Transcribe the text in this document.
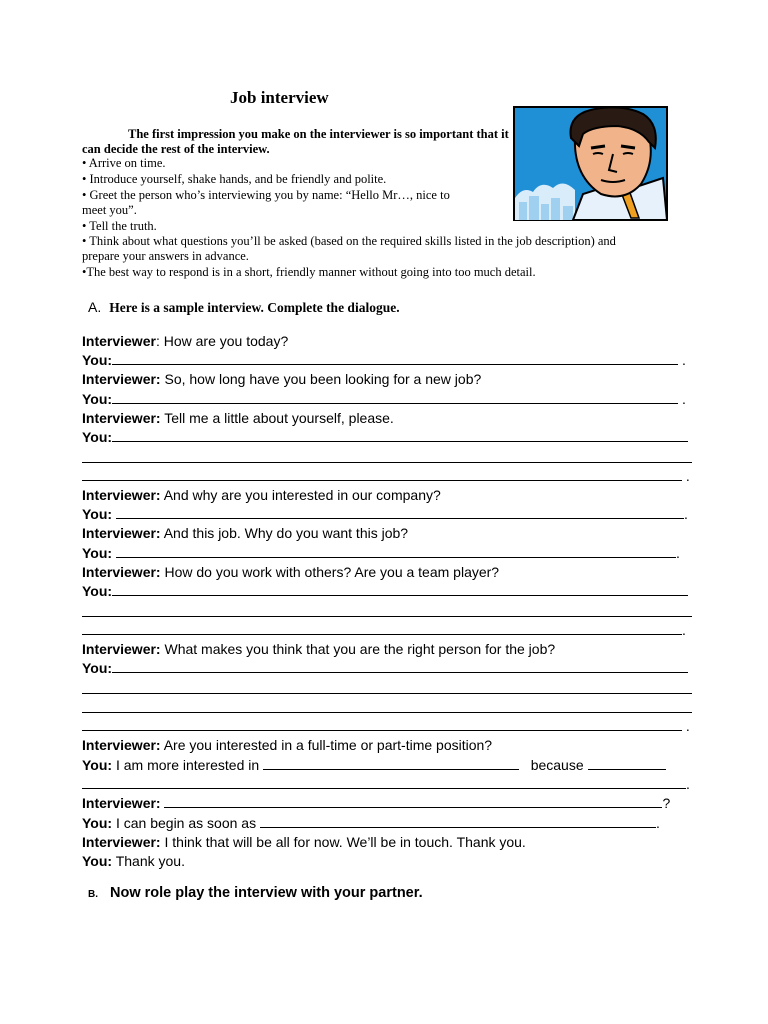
Job interview
The first impression you make on the interviewer is so important that it can decide the rest of the interview.
• Arrive on time.
• Introduce yourself, shake hands, and be friendly and polite.
• Greet the person who’s interviewing you by name: “Hello Mr…, nice to
meet you”.
• Tell the truth.
• Think about what questions you’ll be asked (based on the required skills listed in the job description) and
prepare your answers in advance.
•The best way to respond is in a short, friendly manner without going into too much detail.
A. Here is a sample interview. Complete the dialogue.
Interviewer: How are you today?
You:	.
Interviewer: So, how long have you been looking for a new job?
You:	.
Interviewer: Tell me a little about yourself, please.
You:
.
Interviewer: And why are you interested in our company?
You:	.
Interviewer: And this job. Why do you want this job?
You:	.
Interviewer: How do you work with others? Are you a team player?
You:
.
Interviewer: What makes you think that you are the right person for the job?
You:
.
Interviewer: Are you interested in a full-time or part-time position?
You: I am more interested in	because
.
Interviewer:	?
You: I can begin as soon as	.
Interviewer: I think that will be all for now. We’ll be in touch. Thank you.
You: Thank you.
B. Now role play the interview with your partner.
